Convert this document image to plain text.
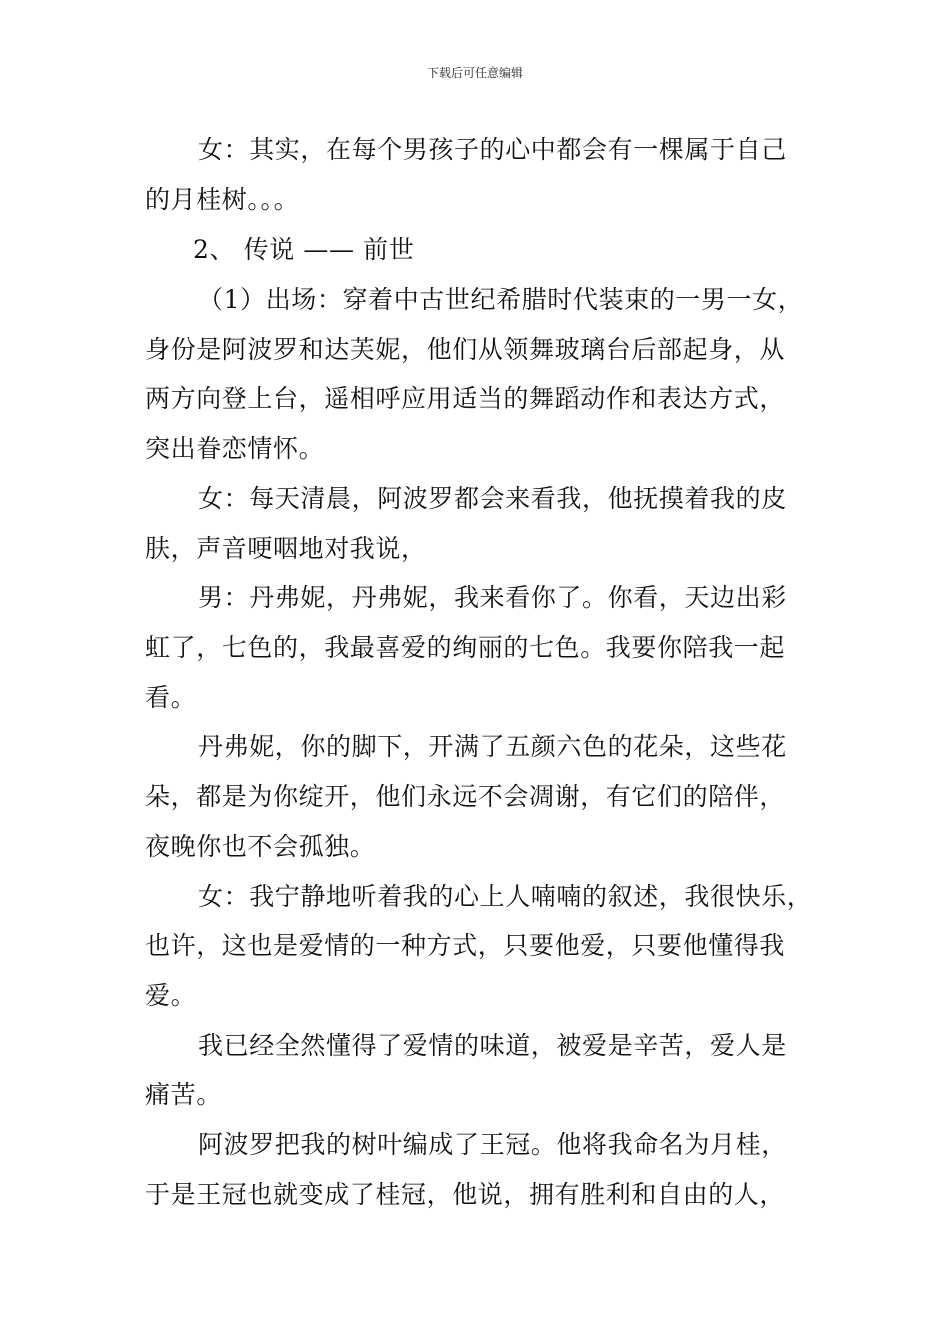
下载后可任意编辑
女：其实，在每个男孩子的心中都会有一棵属于自己
的月桂树。。。
2、 传说 —— 前世
（1）出场：穿着中古世纪希腊时代装束的一男一女，
身份是阿波罗和达芙妮，他们从领舞玻璃台后部起身，从
两方向登上台，遥相呼应用适当的舞蹈动作和表达方式，
突出眷恋情怀。
女：每天清晨，阿波罗都会来看我，他抚摸着我的皮
肤，声音哽咽地对我说，
男：丹弗妮，丹弗妮，我来看你了。你看，天边出彩
虹了，七色的，我最喜爱的绚丽的七色。我要你陪我一起
看。
丹弗妮，你的脚下，开满了五颜六色的花朵，这些花
朵，都是为你绽开，他们永远不会凋谢，有它们的陪伴，
夜晚你也不会孤独。
女：我宁静地听着我的心上人喃喃的叙述，我很快乐，
也许，这也是爱情的一种方式，只要他爱，只要他懂得我
爱。
我已经全然懂得了爱情的味道，被爱是辛苦，爱人是
痛苦。
阿波罗把我的树叶编成了王冠。他将我命名为月桂，
于是王冠也就变成了桂冠，他说，拥有胜利和自由的人，
